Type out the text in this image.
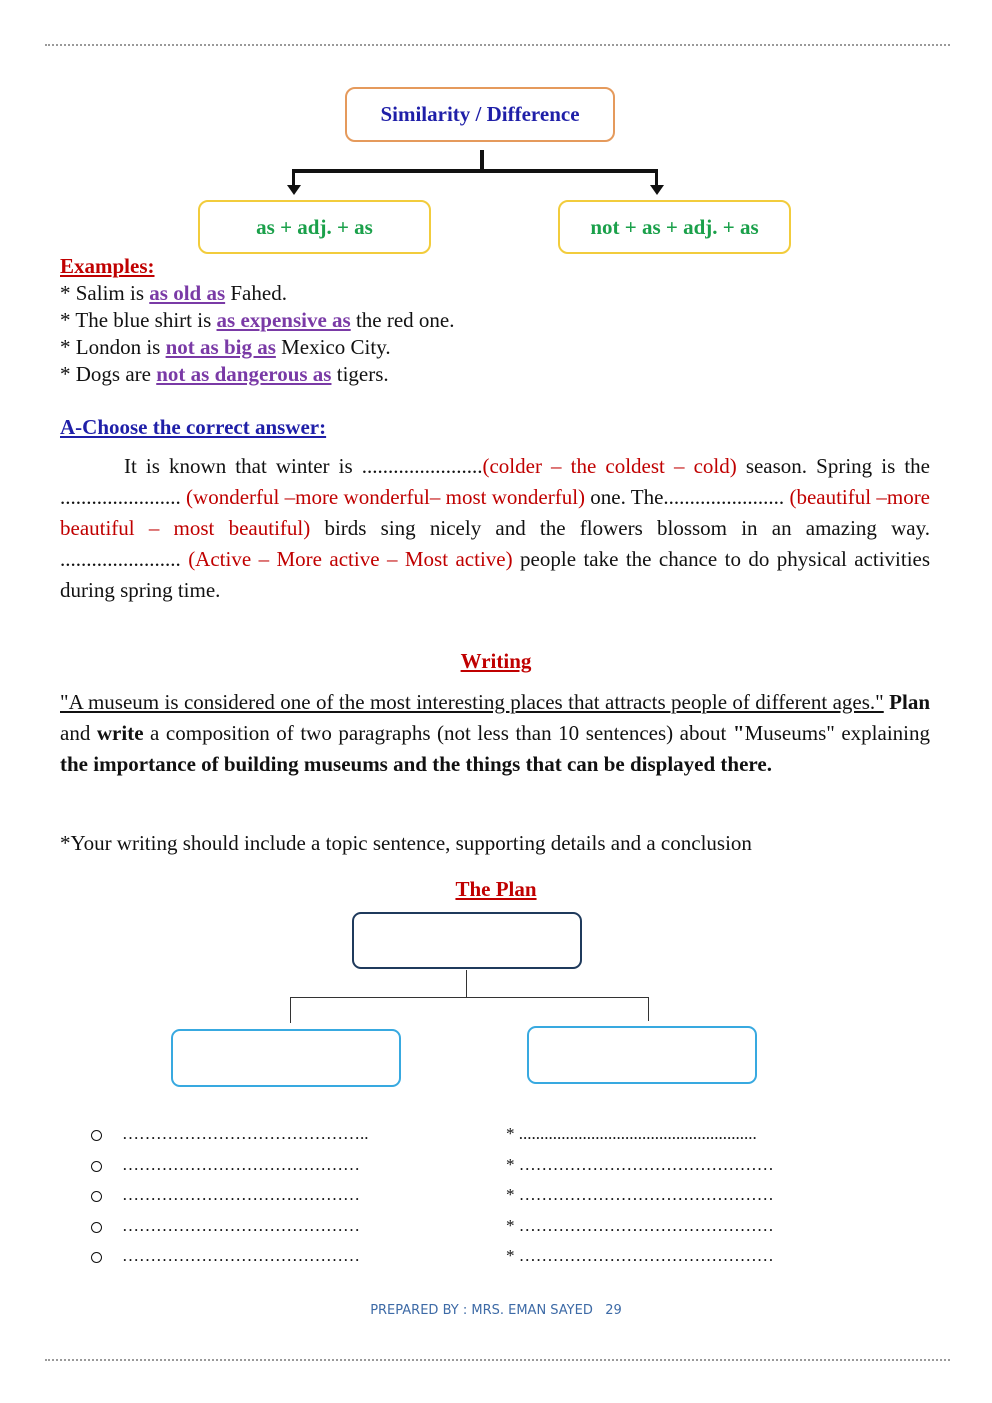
Similarity / Difference
as + adj. + as	not + as + adj. + as
Examples:
* Salim is as old as Fahed.
* The blue shirt is as expensive as the red one.
* London is not as big as Mexico City.
* Dogs are not as dangerous as tigers.
A-Choose the correct answer:
It is known that winter is .......................(colder – the coldest – cold) season. Spring is the ....................... (wonderful –more wonderful– most wonderful) one. The....................... (beautiful –more beautiful – most beautiful) birds sing nicely and the flowers blossom in an amazing way. ....................... (Active – More active – Most active) people take the chance to do physical activities during spring time.
Writing
"A museum is considered one of the most interesting places that attracts people of different ages." Plan and write a composition of two paragraphs (not less than 10 sentences) about "Museums" explaining the importance of building museums and the things that can be displayed there.
*Your writing should include a topic sentence, supporting details and a conclusion
The Plan
……………………………………..
……………………………………
……………………………………
……………………………………
……………………………………
* ........................................................
* ………………………………………
* ………………………………………
* ………………………………………
* ………………………………………
PREPARED BY : MRS. EMAN SAYED 29
